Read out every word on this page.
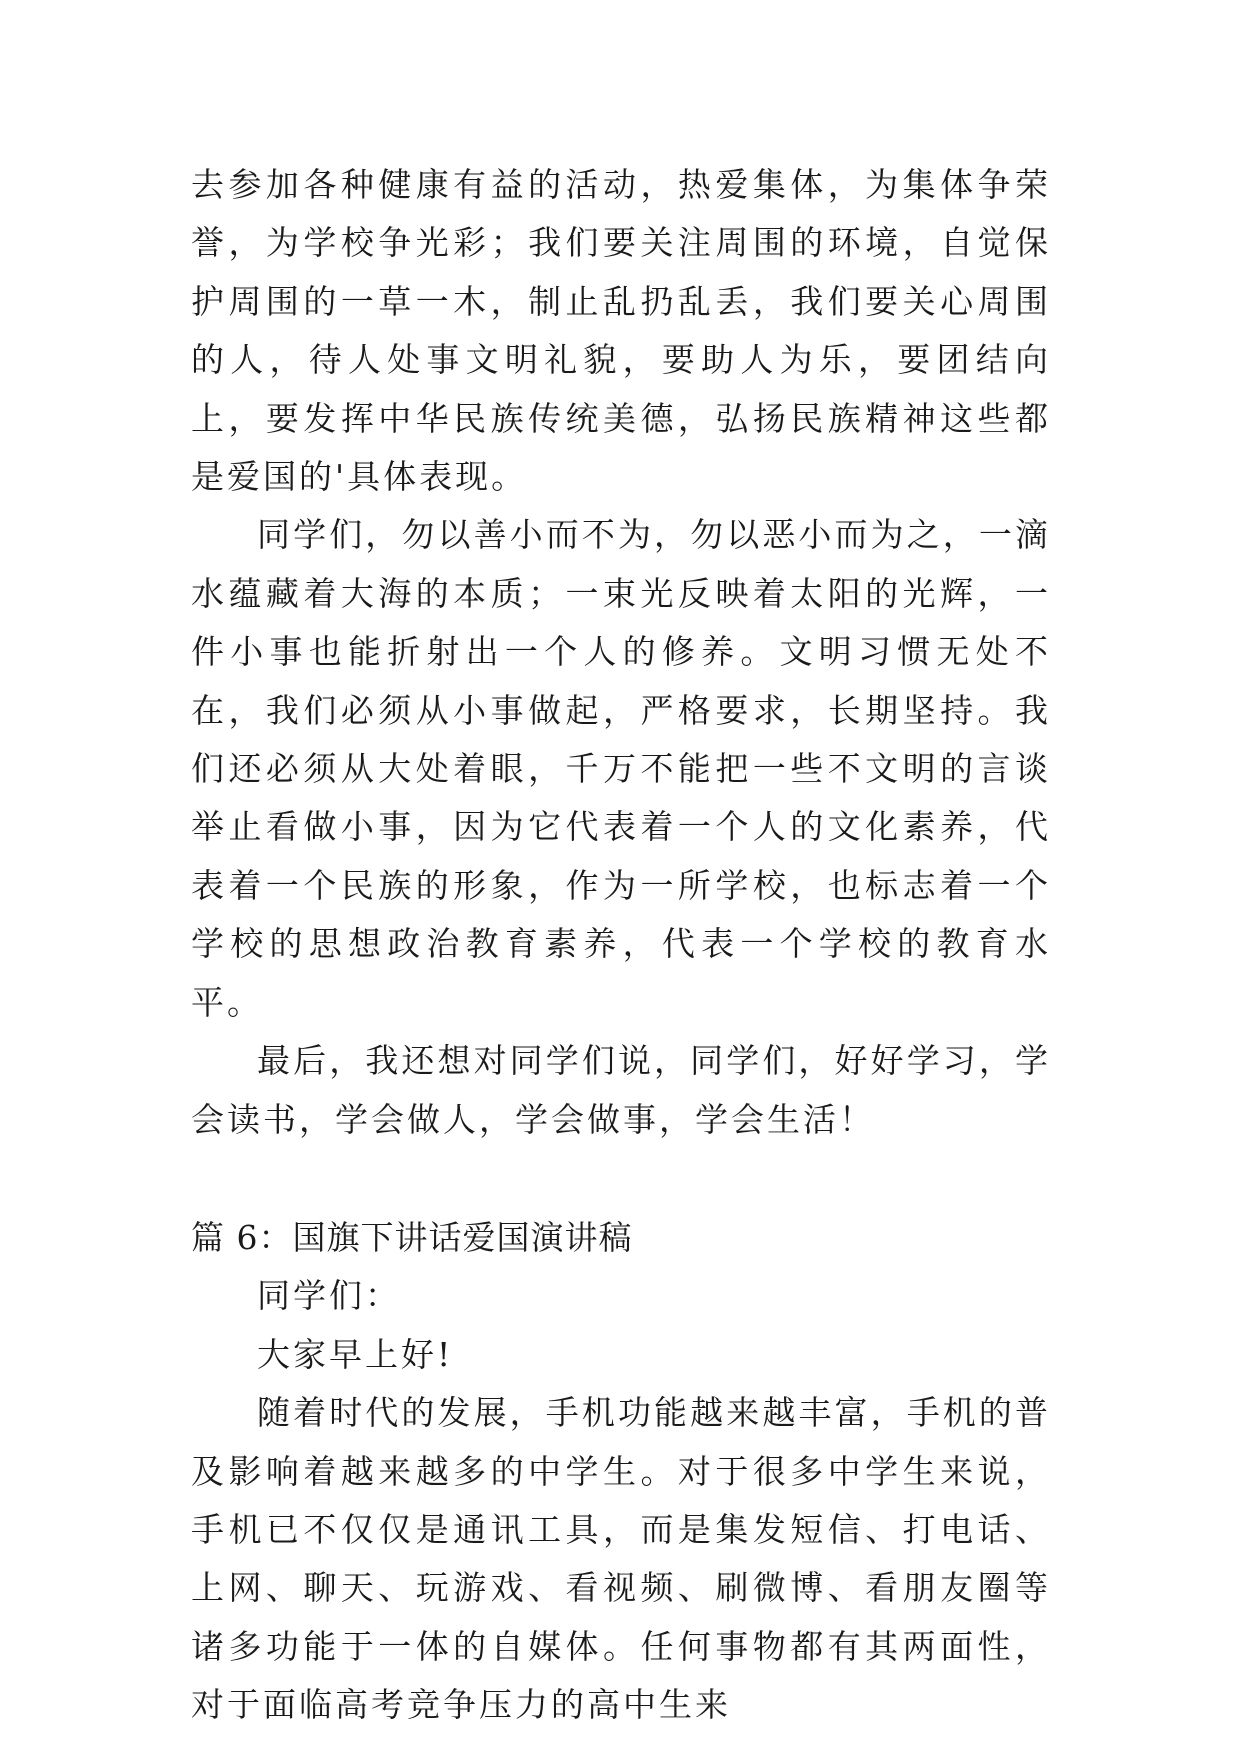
去参加各种健康有益的活动，热爱集体，为集体争荣誉，为学校争光彩；我们要关注周围的环境，自觉保护周围的一草一木，制止乱扔乱丢，我们要关心周围的人，待人处事文明礼貌，要助人为乐，要团结向上，要发挥中华民族传统美德，弘扬民族精神这些都是爱国的'具体表现。

同学们，勿以善小而不为，勿以恶小而为之，一滴水蕴藏着大海的本质；一束光反映着太阳的光辉，一件小事也能折射出一个人的修养。文明习惯无处不在，我们必须从小事做起，严格要求，长期坚持。我们还必须从大处着眼，千万不能把一些不文明的言谈举止看做小事，因为它代表着一个人的文化素养，代表着一个民族的形象，作为一所学校，也标志着一个学校的思想政治教育素养，代表一个学校的教育水平。

最后，我还想对同学们说，同学们，好好学习，学会读书，学会做人，学会做事，学会生活！

篇 6：国旗下讲话爱国演讲稿

同学们：

大家早上好!

随着时代的发展，手机功能越来越丰富，手机的普及影响着越来越多的中学生。对于很多中学生来说，手机已不仅仅是通讯工具，而是集发短信、打电话、上网、聊天、玩游戏、看视频、刷微博、看朋友圈等诸多功能于一体的自媒体。任何事物都有其两面性，对于面临高考竞争压力的高中生来
